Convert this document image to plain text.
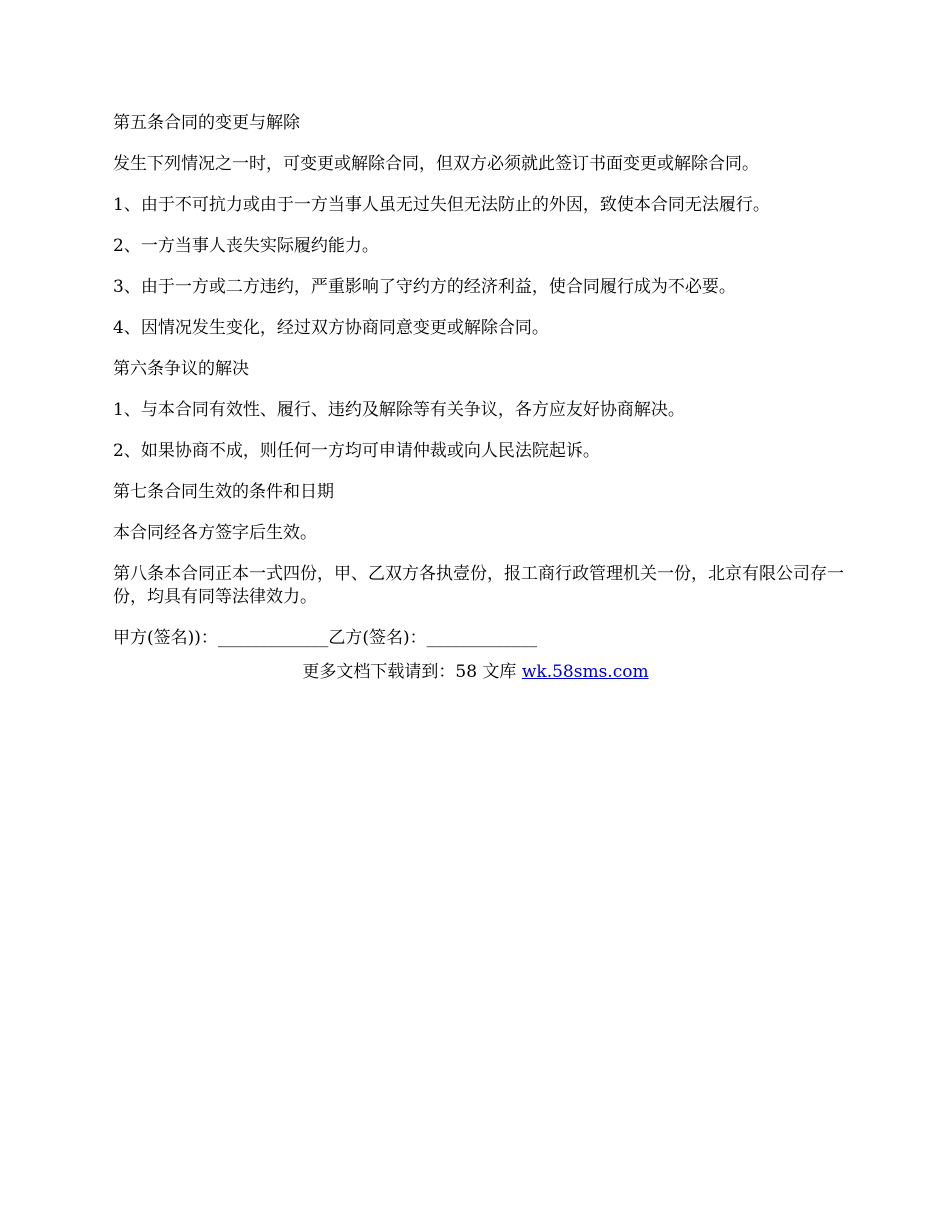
第五条合同的变更与解除

发生下列情况之一时，可变更或解除合同，但双方必须就此签订书面变更或解除合同。

1、由于不可抗力或由于一方当事人虽无过失但无法防止的外因，致使本合同无法履行。

2、一方当事人丧失实际履约能力。

3、由于一方或二方违约，严重影响了守约方的经济利益，使合同履行成为不必要。

4、因情况发生变化，经过双方协商同意变更或解除合同。

第六条争议的解决

1、与本合同有效性、履行、违约及解除等有关争议，各方应友好协商解决。

2、如果协商不成，则任何一方均可申请仲裁或向人民法院起诉。

第七条合同生效的条件和日期

本合同经各方签字后生效。

第八条本合同正本一式四份，甲、乙双方各执壹份，报工商行政管理机关一份，北京有限公司存一份，均具有同等法律效力。

甲方(签名))：_____________乙方(签名)：_____________

更多文档下载请到：58 文库 wk.58sms.com
